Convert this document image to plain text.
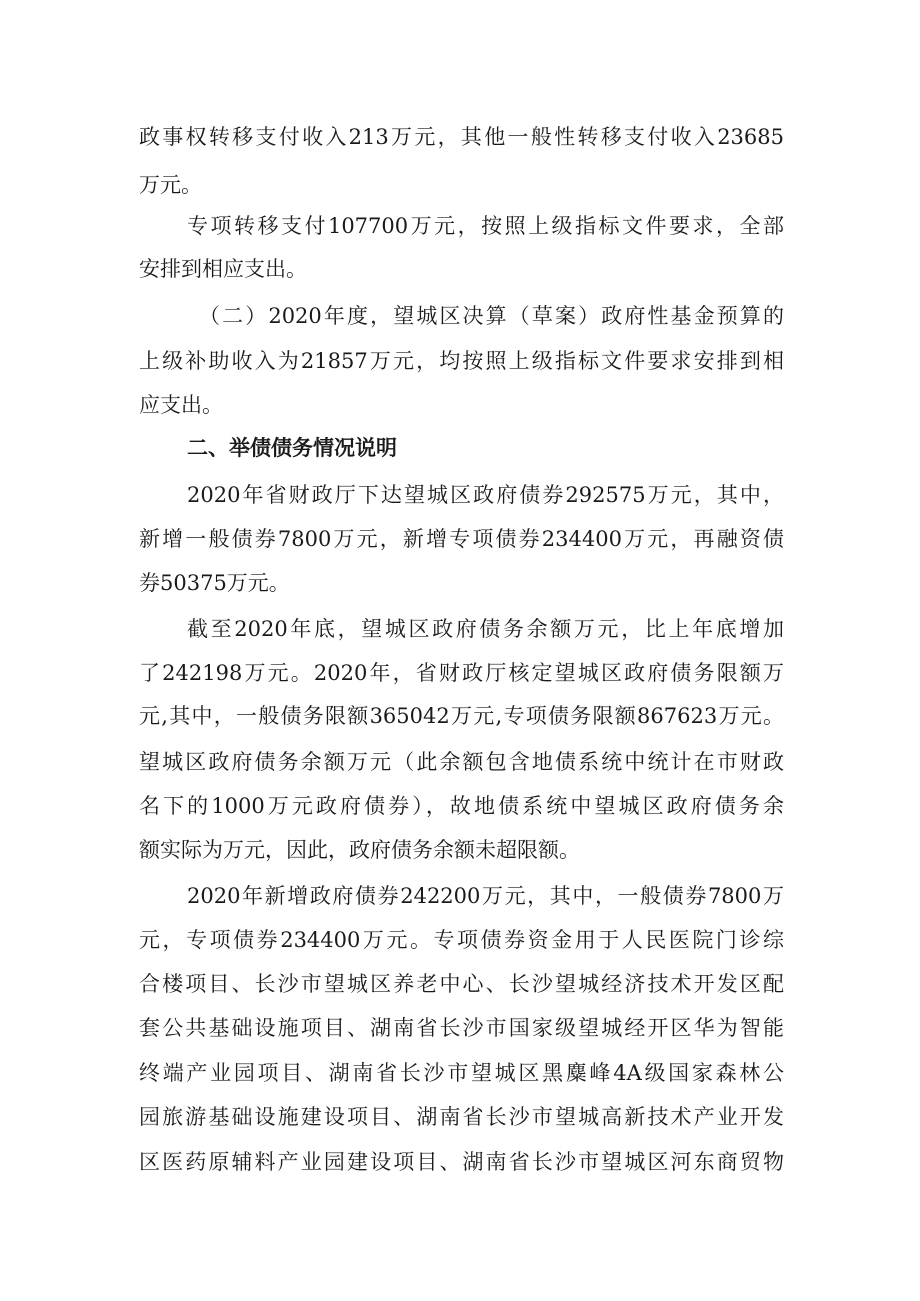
政事权转移支付收入213万元，其他一般性转移支付收入23685
万元。
专项转移支付107700万元，按照上级指标文件要求，全部
安排到相应支出。
（二）2020年度，望城区决算（草案）政府性基金预算的
上级补助收入为21857万元，均按照上级指标文件要求安排到相
应支出。
二、举债债务情况说明
2020年省财政厅下达望城区政府债券292575万元，其中，
新增一般债券7800万元，新增专项债券234400万元，再融资债
券50375万元。
截至2020年底，望城区政府债务余额万元，比上年底增加
了242198万元。2020年，省财政厅核定望城区政府债务限额万
元,其中，一般债务限额365042万元,专项债务限额867623万元。
望城区政府债务余额万元（此余额包含地债系统中统计在市财政
名下的1000万元政府债券），故地债系统中望城区政府债务余
额实际为万元，因此，政府债务余额未超限额。
2020年新增政府债券242200万元，其中，一般债券7800万
元，专项债券234400万元。专项债券资金用于人民医院门诊综
合楼项目、长沙市望城区养老中心、长沙望城经济技术开发区配
套公共基础设施项目、湖南省长沙市国家级望城经开区华为智能
终端产业园项目、湖南省长沙市望城区黑麋峰4A级国家森林公
园旅游基础设施建设项目、湖南省长沙市望城高新技术产业开发
区医药原辅料产业园建设项目、湖南省长沙市望城区河东商贸物
